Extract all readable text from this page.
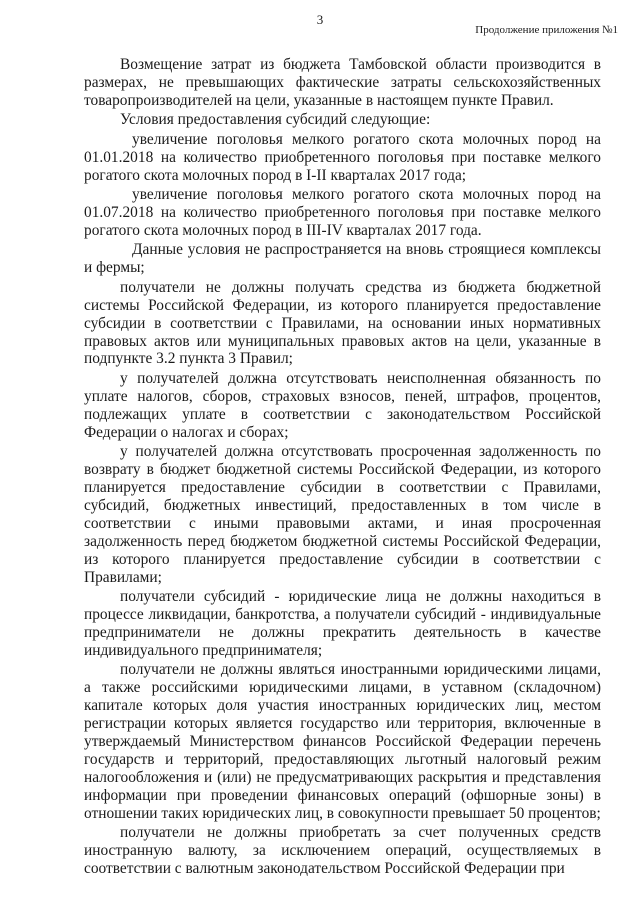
3
Продолжение приложения №1

Возмещение затрат из бюджета Тамбовской области производится в размерах, не превышающих фактические затраты сельскохозяйственных товаропроизводителей на цели, указанные в настоящем пункте Правил.

Условия предоставления субсидий следующие:

увеличение поголовья мелкого рогатого скота молочных пород на 01.01.2018 на количество приобретенного поголовья при поставке мелкого рогатого скота молочных пород в I-II кварталах 2017 года;

увеличение поголовья мелкого рогатого скота молочных пород на 01.07.2018 на количество приобретенного поголовья при поставке мелкого рогатого скота молочных пород в III-IV кварталах 2017 года.

Данные условия не распространяется на вновь строящиеся комплексы и фермы;

получатели не должны получать средства из бюджета бюджетной системы Российской Федерации, из которого планируется предоставление субсидии в соответствии с Правилами, на основании иных нормативных правовых актов или муниципальных правовых актов на цели, указанные в подпункте 3.2 пункта 3 Правил;

у получателей должна отсутствовать неисполненная обязанность по уплате налогов, сборов, страховых взносов, пеней, штрафов, процентов, подлежащих уплате в соответствии с законодательством Российской Федерации о налогах и сборах;

у получателей должна отсутствовать просроченная задолженность по возврату в бюджет бюджетной системы Российской Федерации, из которого планируется предоставление субсидии в соответствии с Правилами, субсидий, бюджетных инвестиций, предоставленных в том числе в соответствии с иными правовыми актами, и иная просроченная задолженность перед бюджетом бюджетной системы Российской Федерации, из которого планируется предоставление субсидии в соответствии с Правилами;

получатели субсидий - юридические лица не должны находиться в процессе ликвидации, банкротства, а получатели субсидий - индивидуальные предприниматели не должны прекратить деятельность в качестве индивидуального предпринимателя;

получатели не должны являться иностранными юридическими лицами, а также российскими юридическими лицами, в уставном (складочном) капитале которых доля участия иностранных юридических лиц, местом регистрации которых является государство или территория, включенные в утверждаемый Министерством финансов Российской Федерации перечень государств и территорий, предоставляющих льготный налоговый режим налогообложения и (или) не предусматривающих раскрытия и представления информации при проведении финансовых операций (офшорные зоны) в отношении таких юридических лиц, в совокупности превышает 50 процентов;

получатели не должны приобретать за счет полученных средств иностранную валюту, за исключением операций, осуществляемых в соответствии с валютным законодательством Российской Федерации при
